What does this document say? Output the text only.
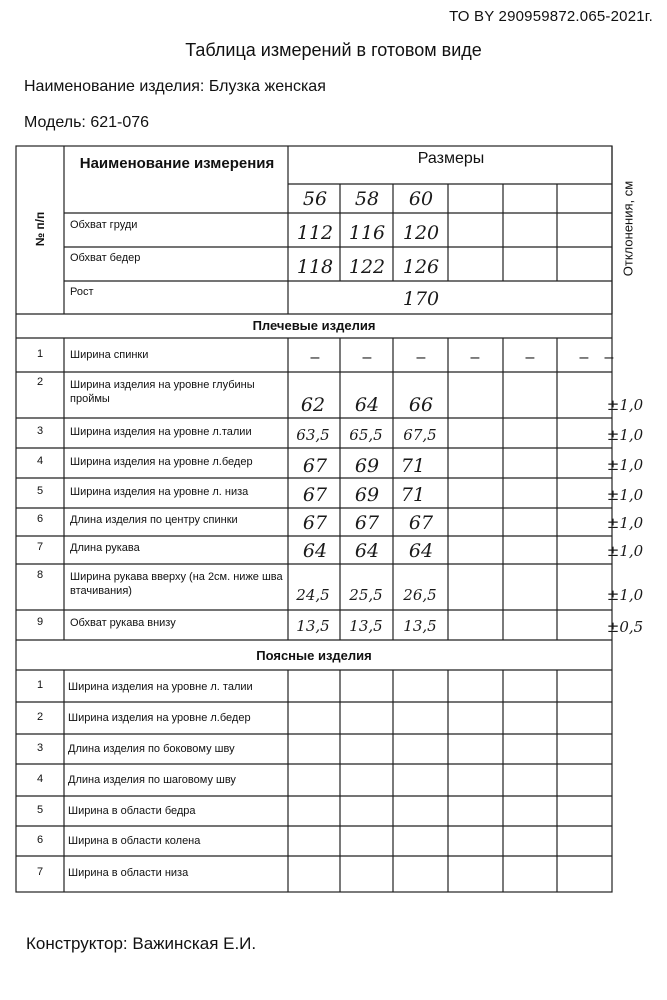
ТО BY 290959872.065-2021г.
Таблица измерений в готовом виде
Наименование изделия: Блузка женская
Модель: 621-076
№ п/п
Наименование измерения	Размеры
Отклонения, см
56	58	60
Обхват груди	112 116 120
Обхват бедер	118 122 126
Рост	170
Плечевые изделия
1	Ширина спинки	–	–	–	–	–	–	–
2	Ширина изделия на уровне глубины проймы	62	64	66	±1,0
3	Ширина изделия на уровне л.талии	63,5	65,5	67,5	±1,0
4	Ширина изделия на уровне л.бедер	67	69	71	±1,0
5	Ширина изделия на уровне л. низа	67	69	71	±1,0
6	Длина изделия по центру спинки	67	67	67	±1,0
7	Длина рукава	64	64	64	±1,0
8	Ширина рукава вверху (на 2см. ниже шва втачивания)	24,5	25,5	26,5	±1,0
9	Обхват рукава внизу	13,5	13,5	13,5	±0,5
Поясные изделия
1	Ширина изделия на уровне л. талии
2	Ширина изделия на уровне л.бедер
3	Длина изделия по боковому шву
4	Длина изделия по шаговому шву
5	Ширина в области бедра
6	Ширина в области колена
7	Ширина в области низа
Конструктор: Важинская Е.И.
